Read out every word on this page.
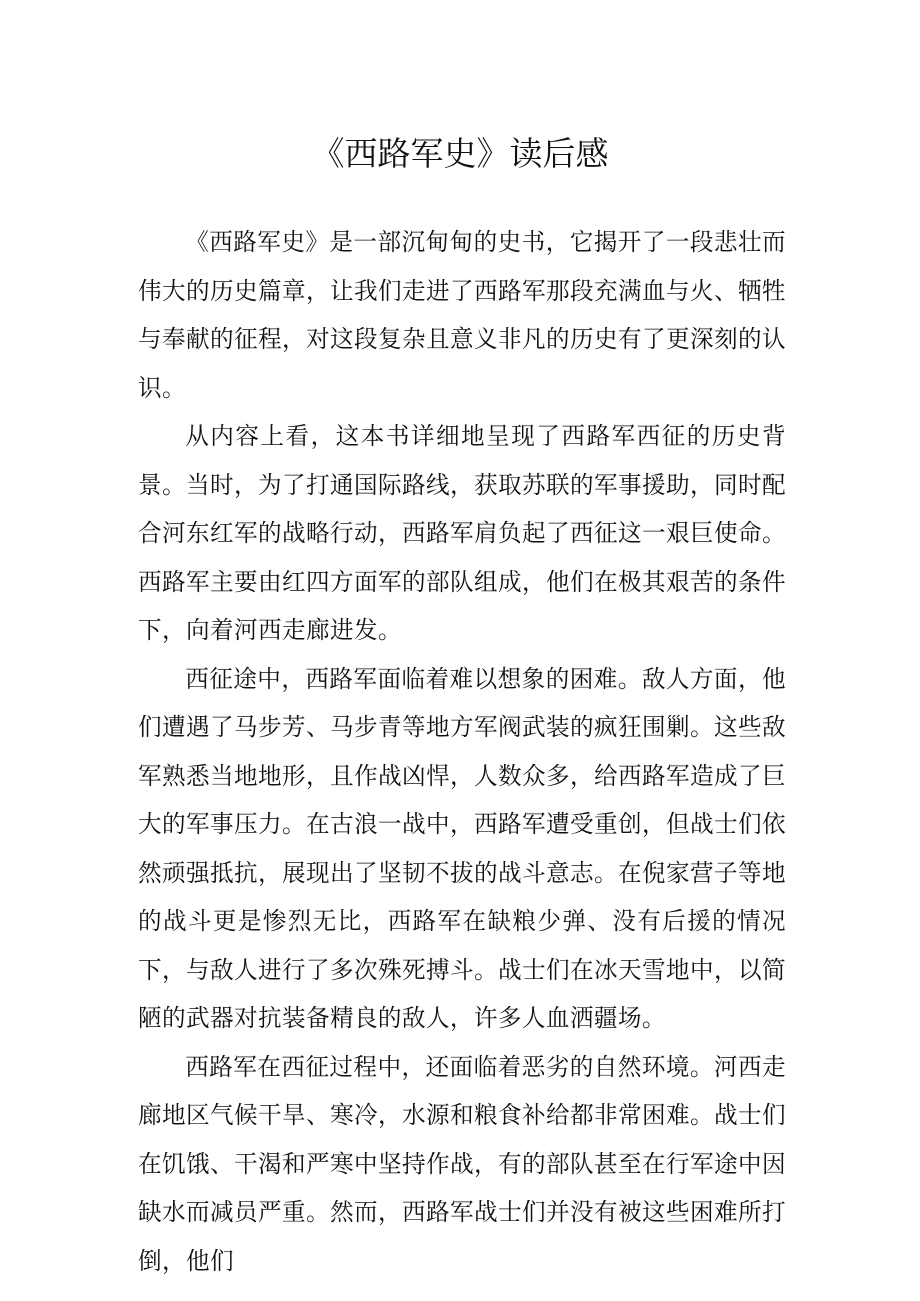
《西路军史》读后感

《西路军史》是一部沉甸甸的史书，它揭开了一段悲壮而伟大的历史篇章，让我们走进了西路军那段充满血与火、牺牲与奉献的征程，对这段复杂且意义非凡的历史有了更深刻的认识。

从内容上看，这本书详细地呈现了西路军西征的历史背景。当时，为了打通国际路线，获取苏联的军事援助，同时配合河东红军的战略行动，西路军肩负起了西征这一艰巨使命。西路军主要由红四方面军的部队组成，他们在极其艰苦的条件下，向着河西走廊进发。

西征途中，西路军面临着难以想象的困难。敌人方面，他们遭遇了马步芳、马步青等地方军阀武装的疯狂围剿。这些敌军熟悉当地地形，且作战凶悍，人数众多，给西路军造成了巨大的军事压力。在古浪一战中，西路军遭受重创，但战士们依然顽强抵抗，展现出了坚韧不拔的战斗意志。在倪家营子等地的战斗更是惨烈无比，西路军在缺粮少弹、没有后援的情况下，与敌人进行了多次殊死搏斗。战士们在冰天雪地中，以简陋的武器对抗装备精良的敌人，许多人血洒疆场。

西路军在西征过程中，还面临着恶劣的自然环境。河西走廊地区气候干旱、寒冷，水源和粮食补给都非常困难。战士们在饥饿、干渴和严寒中坚持作战，有的部队甚至在行军途中因缺水而减员严重。然而，西路军战士们并没有被这些困难所打倒，他们
